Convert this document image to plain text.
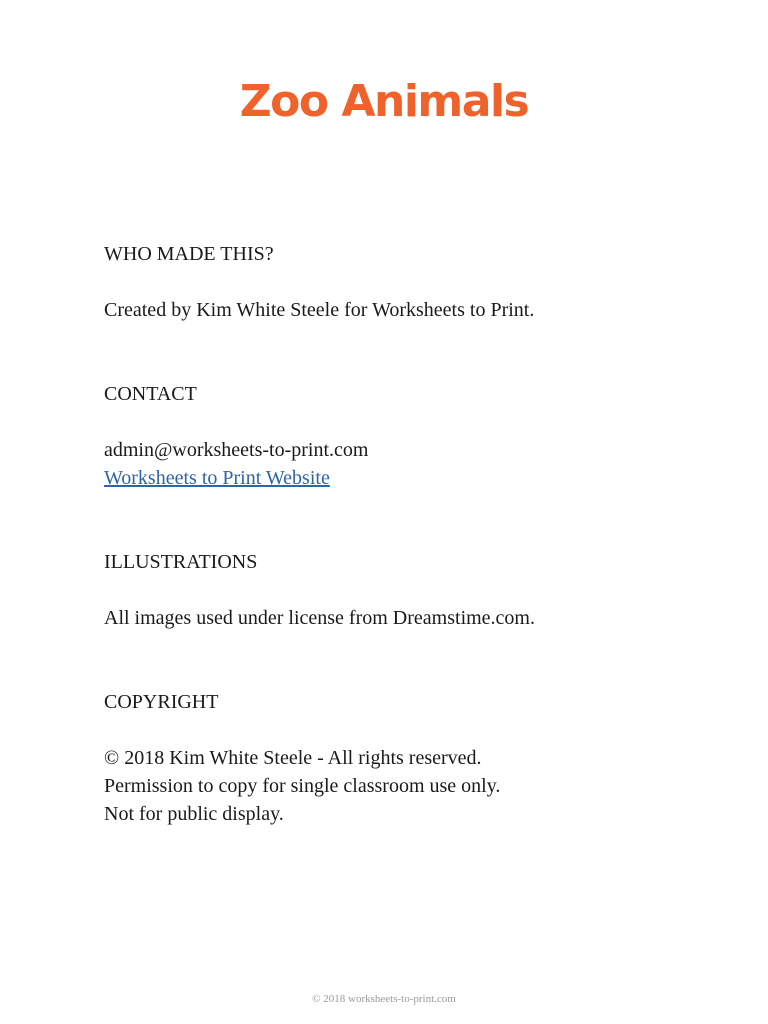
Zoo Animals

WHO MADE THIS?

Created by Kim White Steele for Worksheets to Print.

CONTACT

admin@worksheets-to-print.com
Worksheets to Print Website

ILLUSTRATIONS

All images used under license from Dreamstime.com.

COPYRIGHT

© 2018 Kim White Steele - All rights reserved.
Permission to copy for single classroom use only.
Not for public display.
© 2018 worksheets-to-print.com
